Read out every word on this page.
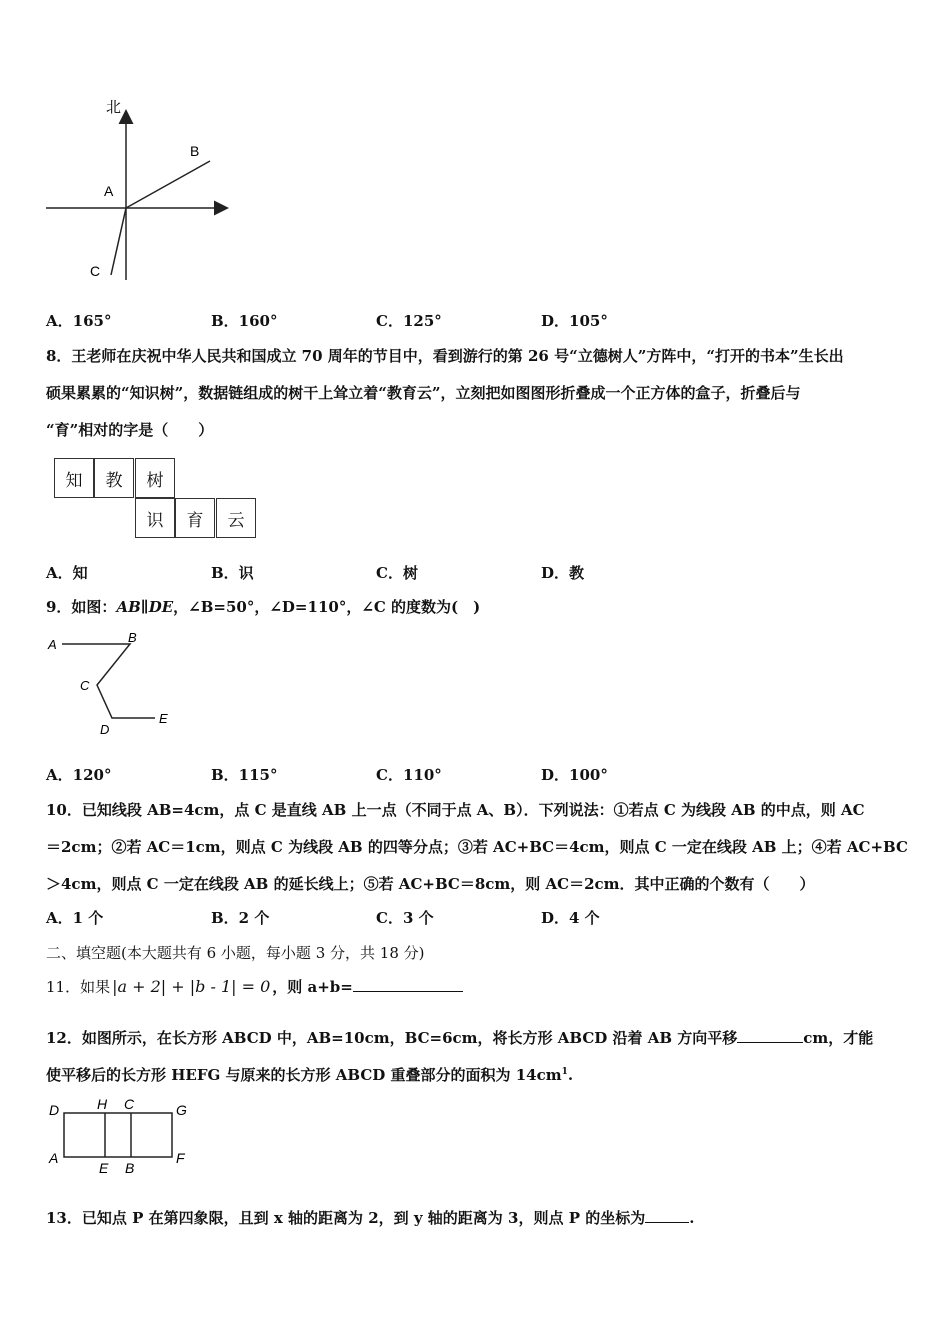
北
A
B
C
A．165°	B．160°	C．125°	D．105°
8．王老师在庆祝中华人民共和国成立 70 周年的节目中，看到游行的第 26 号“立德树人”方阵中，“打开的书本”生长出
硕果累累的“知识树”，数据链组成的树干上耸立着“教育云”，立刻把如图图形折叠成一个正方体的盒子，折叠后与
“育”相对的字是（　　）
知	教	树
识	育	云
A．知	B．识	C．树	D．教
9．如图：AB∥DE，∠B=50°，∠D=110°，∠C 的度数为(　)
A	B
C
D
E
A．120°	B．115°	C．110°	D．100°
10．已知线段 AB=4cm，点 C 是直线 AB 上一点（不同于点 A、B）．下列说法：①若点 C 为线段 AB 的中点，则 AC
＝2cm；②若 AC＝1cm，则点 C 为线段 AB 的四等分点；③若 AC+BC＝4cm，则点 C 一定在线段 AB 上；④若 AC+BC
＞4cm，则点 C 一定在线段 AB 的延长线上；⑤若 AC+BC＝8cm，则 AC＝2cm．其中正确的个数有（　　）
A．1 个	B．2 个	C．3 个	D．4 个
二、填空题(本大题共有 6 小题，每小题 3 分，共 18 分)
11．如果 |a + 2| + |b - 1| = 0 ，则 a+b=
12．如图所示，在长方形 ABCD 中，AB=10cm，BC=6cm，将长方形 ABCD 沿着 AB 方向平移	cm，才能
使平移后的长方形 HEFG 与原来的长方形 ABCD 重叠部分的面积为 $14cm^1$.
D	H C	G
A
E B
F
13．已知点 P 在第四象限，且到 x 轴的距离为 2，到 y 轴的距离为 3，则点 P 的坐标为	.
